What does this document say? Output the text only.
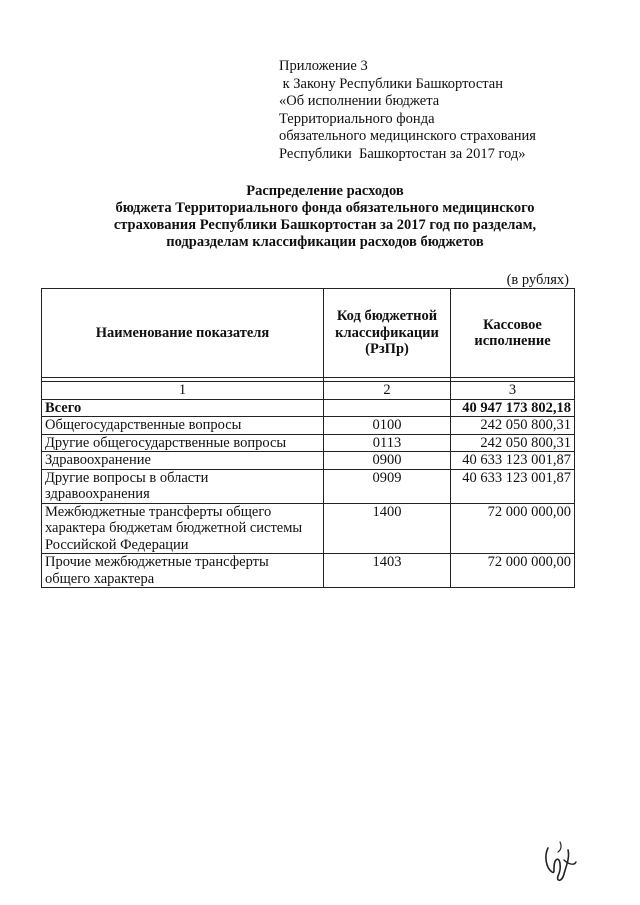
Приложение 3
к Закону Республики Башкортостан
«Об исполнении бюджета
Территориального фонда
обязательного медицинского страхования
Республики  Башкортостан за 2017 год»
Распределение расходов
бюджета Территориального фонда обязательного медицинского
страхования Республики Башкортостан за 2017 год по разделам,
подразделам классификации расходов бюджетов
(в рублях)
Наименование показателя	Код бюджетной классификации (РзПр)	Кассовое исполнение

1	2	3
Всего		40 947 173 802,18
Общегосударственные вопросы	0100	242 050 800,31
Другие общегосударственные вопросы	0113	242 050 800,31
Здравоохранение	0900	40 633 123 001,87
Другие вопросы в области здравоохранения	0909	40 633 123 001,87
Межбюджетные трансферты общего характера бюджетам бюджетной системы Российской Федерации	1400	72 000 000,00
Прочие межбюджетные трансферты общего характера	1403	72 000 000,00
